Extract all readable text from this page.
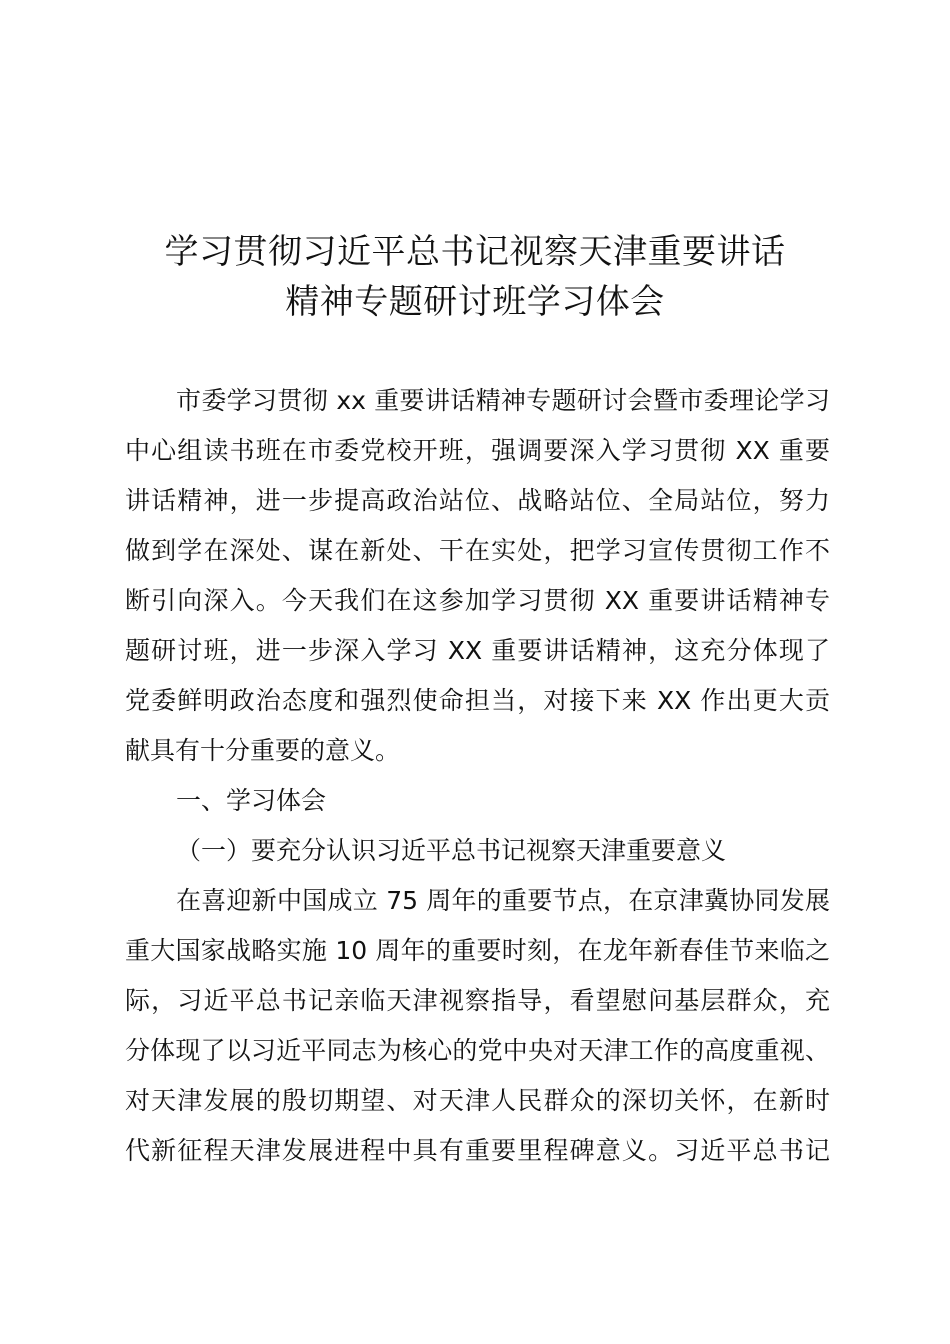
学习贯彻习近平总书记视察天津重要讲话
精神专题研讨班学习体会
市委学习贯彻 xx 重要讲话精神专题研讨会暨市委理论学习
中心组读书班在市委党校开班，强调要深入学习贯彻 XX 重要
讲话精神，进一步提高政治站位、战略站位、全局站位，努力
做到学在深处、谋在新处、干在实处，把学习宣传贯彻工作不
断引向深入。今天我们在这参加学习贯彻 XX 重要讲话精神专
题研讨班，进一步深入学习 XX 重要讲话精神，这充分体现了
党委鲜明政治态度和强烈使命担当，对接下来 XX 作出更大贡
献具有十分重要的意义。
一、学习体会
（一）要充分认识习近平总书记视察天津重要意义
在喜迎新中国成立 75 周年的重要节点，在京津冀协同发展
重大国家战略实施 10 周年的重要时刻，在龙年新春佳节来临之
际，习近平总书记亲临天津视察指导，看望慰问基层群众，充
分体现了以习近平同志为核心的党中央对天津工作的高度重视、
对天津发展的殷切期望、对天津人民群众的深切关怀，在新时
代新征程天津发展进程中具有重要里程碑意义。习近平总书记
